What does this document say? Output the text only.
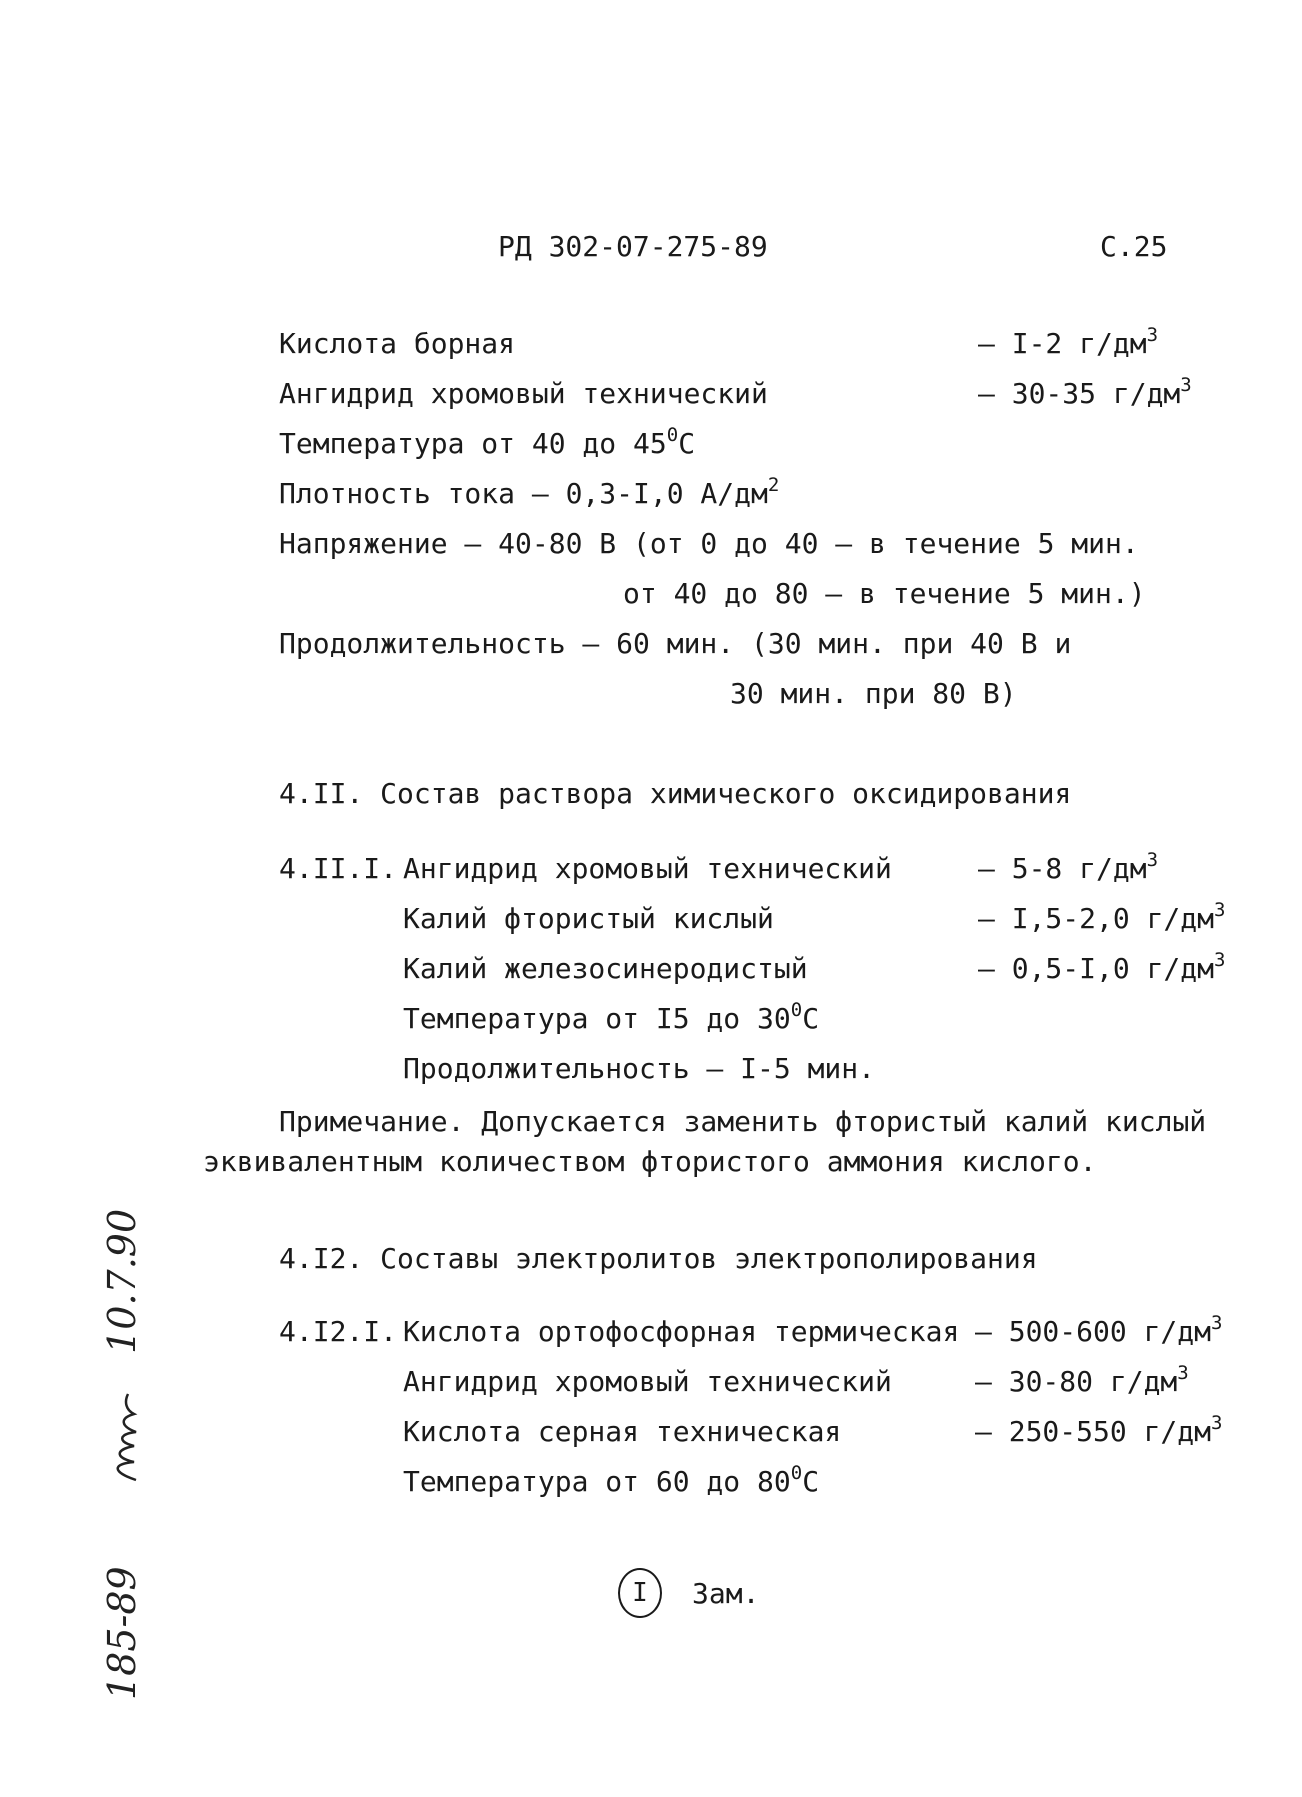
РД 302-07-275-89	С.25
Кислота борная	– I-2 $г/дм^3$
Ангидрид хромовый технический	– 30-35 $г/дм^3$
Температура от 40 до $45^0С$
Плотность тока – 0,3-I,0 $А/дм^2$
Напряжение – 40-80 В (от 0 до 40 – в течение 5 мин.
от 40 до 80 – в течение 5 мин.)
Продолжительность – 60 мин. (30 мин. при 40 В и
30 мин. при 80 В)
4.II. Состав раствора химического оксидирования
4.II.I. Ангидрид хромовый технический	– 5-8 $г/дм^3$
Калий фтористый кислый	– I,5-2,0 $г/дм^3$
Калий железосинеродистый	– 0,5-I,0 $г/дм^3$
Температура от I5 до $30^0С$
Продолжительность – I-5 мин.
Примечание. Допускается заменить фтористый калий кислый
эквивалентным количеством фтористого аммония кислого.
4.I2. Составы электролитов электрополирования
4.I2.I. Кислота ортофосфорная термическая – 500-600 $г/дм^3$
Ангидрид хромовый технический	– 30-80 $г/дм^3$
Кислота серная техническая	– 250-550 $г/дм^3$
Температура от 60 до $80^0С$
I	Зам.
185-89    10.7.90
